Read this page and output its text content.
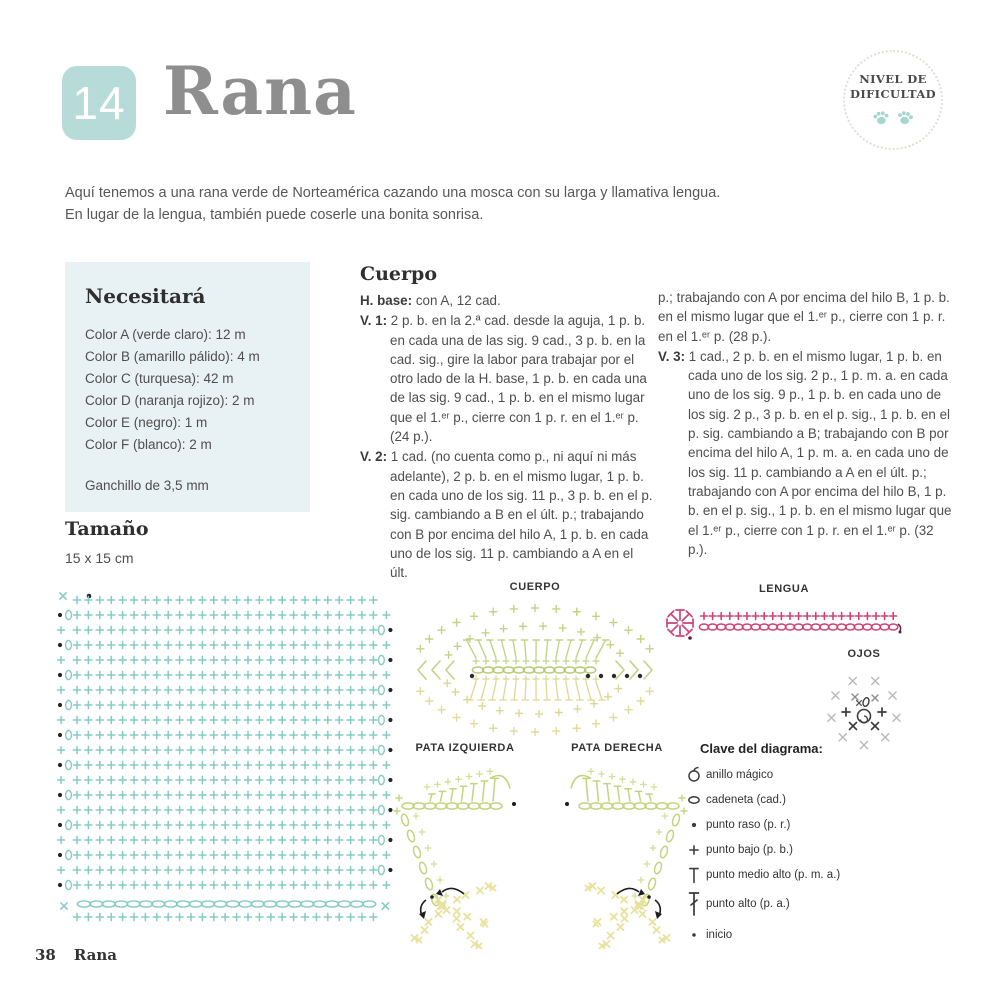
14 Rana	NIVEL DE
DIFICULTAD
Aquí tenemos a una rana verde de Norteamérica cazando una mosca con su larga y llamativa lengua.
En lugar de la lengua, también puede coserle una bonita sonrisa.
Necesitará
Color A (verde claro): 12 m
Color B (amarillo pálido): 4 m
Color C (turquesa): 42 m
Color D (naranja rojizo): 2 m
Color E (negro): 1 m
Color F (blanco): 2 m
Ganchillo de 3,5 mm
Tamaño
15 x 15 cm
Cuerpo

H. base: con A, 12 cad.

V. 1: 2 p. b. en la 2.ª cad. desde la aguja, 1 p. b. en cada una de las sig. 9 cad., 3 p. b. en la cad. sig., gire la labor para trabajar por el otro lado de la H. base, 1 p. b. en cada una de las sig. 9 cad., 1 p. b. en el mismo lugar que el 1.ᵉʳ p., cierre con 1 p. r. en el 1.ᵉʳ p. (24 p.).

V. 2: 1 cad. (no cuenta como p., ni aquí ni más adelante), 2 p. b. en el mismo lugar, 1 p. b. en cada uno de los sig. 11 p., 3 p. b. en el p. sig. cambiando a B en el últ. p.; trabajando con B por encima del hilo A, 1 p. b. en cada uno de los sig. 11 p. cambiando a A en el últ.

p.; trabajando con A por encima del hilo B, 1 p. b. en el mismo lugar que el 1.ᵉʳ p., cierre con 1 p. r. en el 1.ᵉʳ p. (28 p.).

V. 3: 1 cad., 2 p. b. en el mismo lugar, 1 p. b. en cada uno de los sig. 2 p., 1 p. m. a. en cada uno de los sig. 9 p., 1 p. b. en cada uno de los sig. 2 p., 3 p. b. en el p. sig., 1 p. b. en el p. sig. cambiando a B; trabajando con B por encima del hilo A, 1 p. m. a. en cada uno de los sig. 11 p. cambiando a A en el últ. p.; trabajando con A por encima del hilo B, 1 p. b. en el p. sig., 1 p. b. en el mismo lugar que el 1.ᵉʳ p., cierre con 1 p. r. en el 1.ᵉʳ p. (32 p.).

CUERPO	LENGUA
OJOS
PATA IZQUIERDA	PATA DERECHA	Clave del diagrama:
anillo mágico
cadeneta (cad.)
punto raso (p. r.)
punto bajo (p. b.)
punto medio alto (p. m. a.)
punto alto (p. a.)
inicio
38 Rana
